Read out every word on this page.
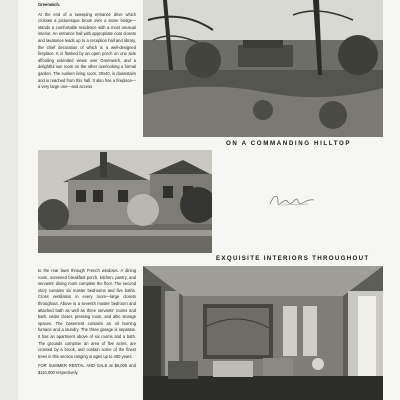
Greenwich.

At the end of a sweeping entrance drive which crosses a picturesque brook over a stone bridge—stands a comfortable residence with a most unusual interior. An entrance hall with appropriate coat closets and lavatories leads up to a reception hall and library, the chief decoration of which is a well-designed fireplace. It is flanked by an open porch on one side affording extended views over Greenwich, and a delightful sun room on the other overlooking a formal garden. The sunken living room, 20x40, is downstairs and is reached from this hall. It also has a fireplace—a very large one—and access

ON A COMMANDING HILLTOP
EXQUISITE INTERIORS THROUGHOUT

to the rear lawn through French windows. A dining room, screened breakfast porch, kitchen, pantry, and servants' dining room complete the floor. The second story contains six master bedrooms and five baths. Cross ventilation in every room—large closets throughout. Above is a seventh master bedroom and attached bath as well as three servants' rooms and bath, cedar closet, pressing room, and attic storage spaces. The basement contains an oil burning furnace and a laundry. The three garage is separate. It has an apartment above of six rooms and a bath. The grounds comprise an area of five acres, are crossed by a brook, and contain some of the finest trees in this section ranging in ages up to 400 years.

FOR SUMMER RENTAL AND SALE at $6,000 and $110,000 respectively.
